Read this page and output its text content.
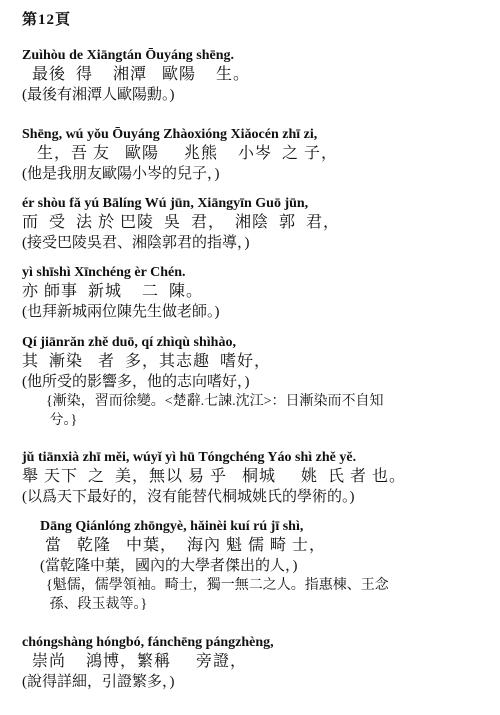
第12頁
Zuìhòu de Xiāngtán Ōuyáng shēng.
最後  得    湘潭   歐陽    生。
(最後有湘潭人歐陽勳。)
Shēng, wú yǒu Ōuyáng Zhàoxióng Xiǎocén zhī zi,
生，吾 友   歐陽     兆熊    小岑  之 子，
(他是我朋友歐陽小岑的兒子，)
ér shòu fǎ yú Bālíng Wú jūn, Xiāngyīn Guō jūn,
而  受  法 於 巴陵  吳  君，  湘陰  郭  君，
(接受巴陵吳君、湘陰郭君的指導，)
yì shīshì Xīnchéng èr Chén.
亦 師事  新城    二  陳。
(也拜新城兩位陳先生做老師。)
Qí jiānrǎn zhě duō, qí zhìqù shìhào,
其  漸染   者  多，其志趣  嗜好，
(他所受的影響多，他的志向嗜好，)
{漸染，習而徐變。<楚辭.七諫.沈江>：日漸染而不自知
兮。}
jǔ tiānxià zhī měi, wúyǐ yì hū Tóngchéng Yáo shì zhě yě.
舉 天下  之  美，無以 易 乎   桐城     姚  氏 者 也。
(以爲天下最好的，沒有能替代桐城姚氏的學術的。)
Dāng Qiánlóng zhōngyè, hǎinèi kuí rú jī shì,
當   乾隆   中葉，  海內 魁 儒 畸 士，
(當乾隆中葉，國內的大學者傑出的人，)
{魁儒，儒學領袖。畸士，獨一無二之人。指惠棟、王念
孫、段玉裁等。}
chóngshàng hóngbó, fánchēng pángzhèng,
崇尚    鴻博，繁稱     旁證，
(說得詳細，引證繁多，)
